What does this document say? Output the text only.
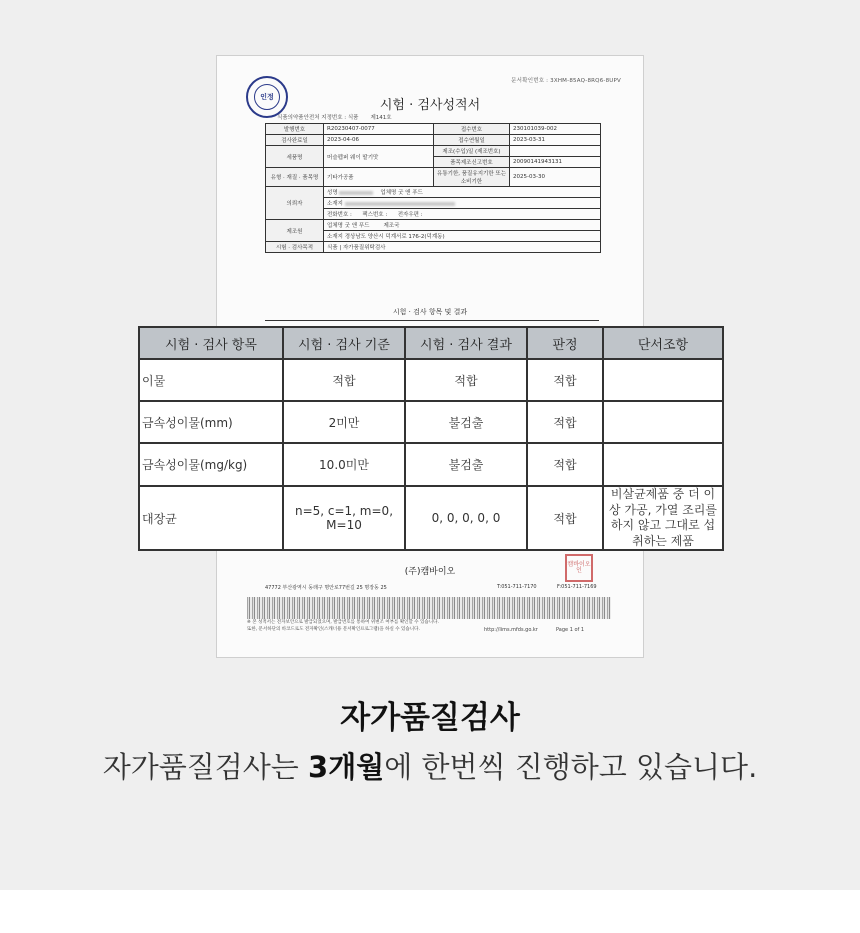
문서확인번호 : 3XHM-85AQ-8RQ6-8UPV
인정
시험 · 검사성적서
식품의약품안전처 지정번호 : 식품 제141호
발행번호	R20230407-0077	접수번호	230101039-002
검사완료일	2023-04-06	접수연월일	2023-03-31
세품명	머슬펩퍼 웨이 딸기맛	제조(수입)일 (제조번호)	
		품목제조신고번호	20090141943131
유형 · 재질 · 품목명	기타가공품	유통기한, 품질유지기한 또는 소비기한	2025-03-30
의뢰자	성명 업체명 굿 앤 푸드		
	소재지		
	전화번호 : 팩스번호 : 전자우편 :		
제조원	업체명 굿 앤 푸드 제조국		
	소재지 경상남도 양산시 덕계서로 176-2(덕계동)		
시험 · 검사목적	식품 | 자가품질위탁검사		
시험 · 검사 항목 및 결과
(주)캠바이오
캠바이오 인
47772 부산광역시 동래구 명안로77번길 25 명장동 25	T:051-711-7170	F:051-711-7169
※ 본 성적서는 전자보안으로 발급되었으며, 발급번호를 통하여 위변조 여부를 확인할 수 있습니다.
또한, 문서하단의 바코드로도 전자확인(스캐너용 문서확인프로그램)을 하실 수 있습니다.	http://lims.mfds.go.kr	Page 1 of 1
시험 · 검사 항목	시험 · 검사 기준	시험 · 검사 결과	판정	단서조항
이물	적합	적합	적합	
금속성이물(mm)	2미만	불검출	적합	
금속성이물(mg/kg)	10.0미만	불검출	적합	
대장균	n=5, c=1, m=0, M=10	0, 0, 0, 0, 0	적합	비살균제품 중 더 이상 가공, 가열 조리를 하지 않고 그대로 섭취하는 제품
자가품질검사
자가품질검사는 3개월에 한번씩 진행하고 있습니다.
